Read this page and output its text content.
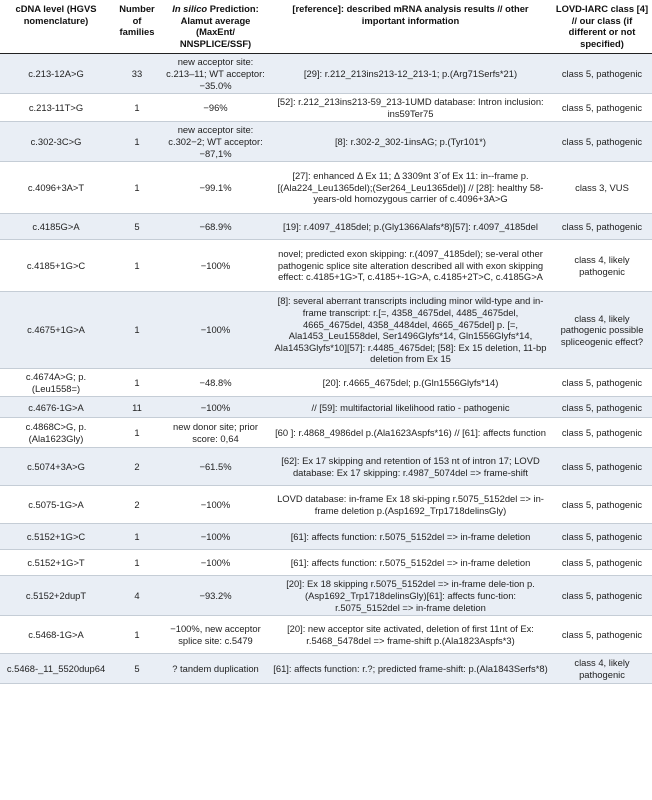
cDNA level (HGVS nomenclature)	Number of families	In silico Prediction: Alamut average (MaxEnt/ NNSPLICE/SSF)	[reference]: described mRNA analysis results // other important information	LOVD-IARC class [4] // our class (if different or not specified)
c.213-12A>G	33	new acceptor site: c.213–11; WT acceptor: −35.0%	[29]: r.212_213ins213-12_213-1; p.(Arg71Serfs*21)	class 5, pathogenic
c.213-11T>G	1	−96%	[52]: r.212_213ins213-59_213-1UMD database: Intron inclusion: ins59Ter75	class 5, pathogenic
c.302-3C>G	1	new acceptor site: c.302−2; WT acceptor: −87,1%	[8]: r.302-2_302-1insAG; p.(Tyr101*)	class 5, pathogenic
c.4096+3A>T	1	−99.1%	[27]: enhanced Δ Ex 11; Δ 3309nt 3´of Ex 11: in--frame p.[(Ala224_Leu1365del);(Ser264_Leu1365del)] // [28]: healthy 58-years-old homozygous carrier of c.4096+3A>G	class 3, VUS
c.4185G>A	5	−68.9%	[19]: r.4097_4185del; p.(Gly1366Alafs*8)[57]: r.4097_4185del	class 5, pathogenic
c.4185+1G>C	1	−100%	novel; predicted exon skipping: r.(4097_4185del); se-veral other pathogenic splice site alteration described all with exon skipping effect: c.4185+1G>T, c.4185+-1G>A, c.4185+2T>C, c.4185G>A	class 4, likely pathogenic
c.4675+1G>A	1	−100%	[8]: several aberrant transcripts including minor wild-type and in-frame transcript: r.[=, 4358_4675del, 4485_4675del, 4665_4675del, 4358_4484del, 4665_4675del] p. [=, Ala1453_Leu1558del, Ser1496Glyfs*14, Gln1556Glyfs*14, Ala1453Glyfs*10][57]: r.4485_4675del; [58]: Ex 15 deletion, 11-bp deletion from Ex 15	class 4, likely pathogenic possible spliceogenic effect?
c.4674A>G; p.(Leu1558=)	1	−48.8%	[20]: r.4665_4675del; p.(Gln1556Glyfs*14)	class 5, pathogenic
c.4676-1G>A	11	−100%	// [59]: multifactorial likelihood ratio - pathogenic	class 5, pathogenic
c.4868C>G, p.(Ala1623Gly)	1	new donor site; prior score: 0,64	[60 ]: r.4868_4986del p.(Ala1623Aspfs*16) // [61]: affects function	class 5, pathogenic
c.5074+3A>G	2	−61.5%	[62]: Ex 17 skipping and retention of 153 nt of intron 17; LOVD database: Ex 17 skipping: r.4987_5074del => frame-shift	class 5, pathogenic
c.5075-1G>A	2	−100%	LOVD database: in-frame Ex 18 ski-pping r.5075_5152del => in-frame deletion p.(Asp1692_Trp1718delinsGly)	class 5, pathogenic
c.5152+1G>C	1	−100%	[61]: affects function: r.5075_5152del => in-frame deletion	class 5, pathogenic
c.5152+1G>T	1	−100%	[61]: affects function: r.5075_5152del => in-frame deletion	class 5, pathogenic
c.5152+2dupT	4	−93.2%	[20]: Ex 18 skipping r.5075_5152del => in-frame dele-tion p.(Asp1692_Trp1718delinsGly)[61]: affects func-tion: r.5075_5152del => in-frame deletion	class 5, pathogenic
c.5468-1G>A	1	−100%, new acceptor splice site: c.5479	[20]: new acceptor site activated, deletion of first 11nt of Ex: r.5468_5478del => frame-shift p.(Ala1823Aspfs*3)	class 5, pathogenic
c.5468-_11_5520dup64	5	? tandem duplication	[61]: affects function: r.?; predicted frame-shift: p.(Ala1843Serfs*8)	class 4, likely pathogenic
